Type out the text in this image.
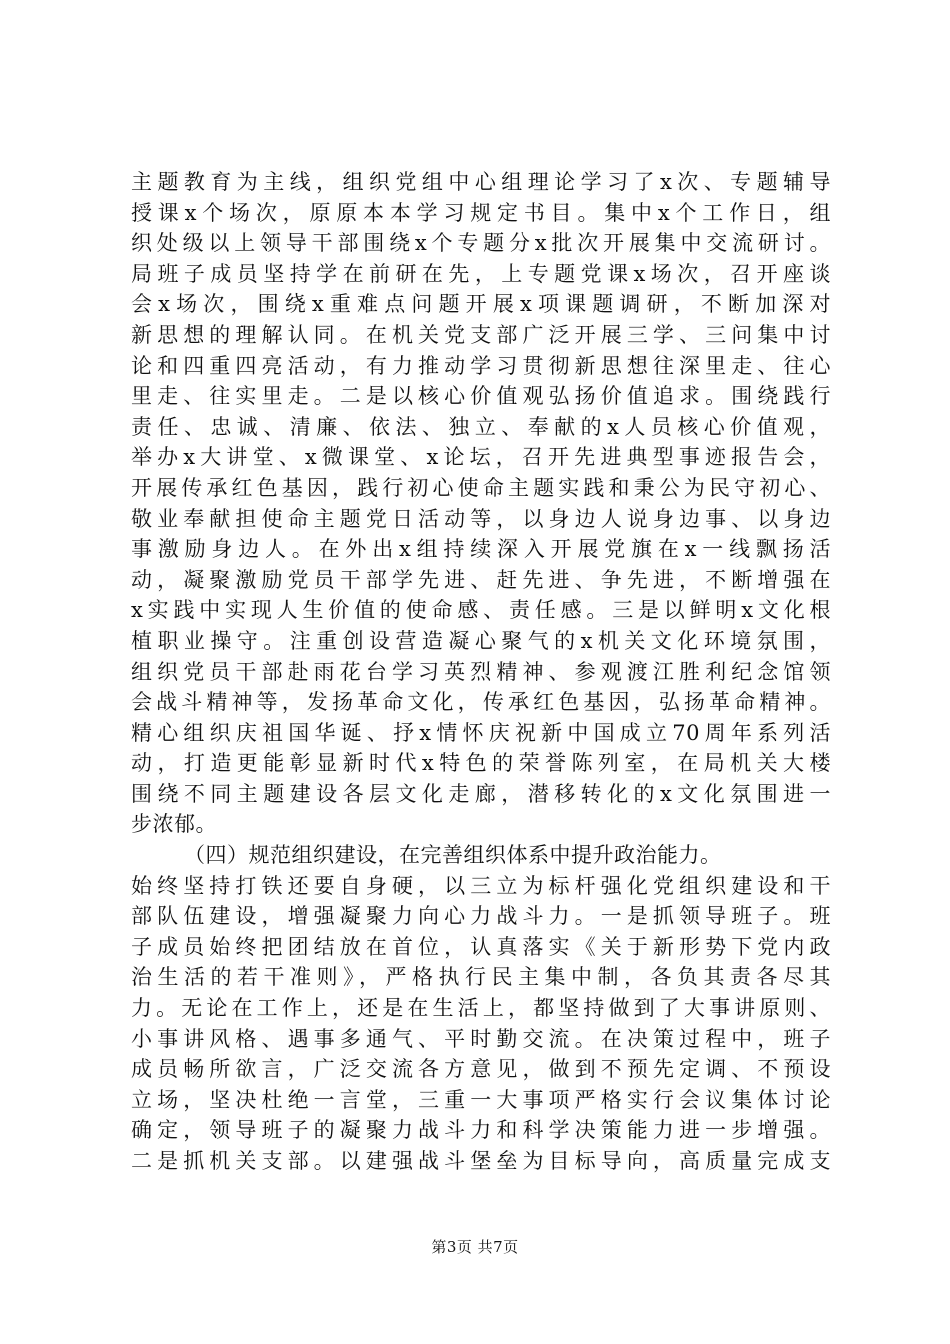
主题教育为主线，组织党组中心组理论学习了x次、专题辅导
授课x个场次，原原本本学习规定书目。集中x个工作日，组
织处级以上领导干部围绕x个专题分x批次开展集中交流研讨。
局班子成员坚持学在前研在先，上专题党课x场次，召开座谈
会x场次，围绕x重难点问题开展x项课题调研，不断加深对
新思想的理解认同。在机关党支部广泛开展三学、三问集中讨
论和四重四亮活动，有力推动学习贯彻新思想往深里走、往心
里走、往实里走。二是以核心价值观弘扬价值追求。围绕践行
责任、忠诚、清廉、依法、独立、奉献的x人员核心价值观，
举办x大讲堂、x微课堂、x论坛，召开先进典型事迹报告会，
开展传承红色基因，践行初心使命主题实践和秉公为民守初心、
敬业奉献担使命主题党日活动等，以身边人说身边事、以身边
事激励身边人。在外出x组持续深入开展党旗在x一线飘扬活
动，凝聚激励党员干部学先进、赶先进、争先进，不断增强在
x实践中实现人生价值的使命感、责任感。三是以鲜明x文化根
植职业操守。注重创设营造凝心聚气的x机关文化环境氛围，
组织党员干部赴雨花台学习英烈精神、参观渡江胜利纪念馆领
会战斗精神等，发扬革命文化，传承红色基因，弘扬革命精神。
精心组织庆祖国华诞、抒x情怀庆祝新中国成立70周年系列活
动，打造更能彰显新时代x特色的荣誉陈列室，在局机关大楼
围绕不同主题建设各层文化走廊，潜移转化的x文化氛围进一
步浓郁。
（四）规范组织建设，在完善组织体系中提升政治能力。
始终坚持打铁还要自身硬，以三立为标杆强化党组织建设和干
部队伍建设，增强凝聚力向心力战斗力。一是抓领导班子。班
子成员始终把团结放在首位，认真落实《关于新形势下党内政
治生活的若干准则》，严格执行民主集中制，各负其责各尽其
力。无论在工作上，还是在生活上，都坚持做到了大事讲原则、
小事讲风格、遇事多通气、平时勤交流。在决策过程中，班子
成员畅所欲言，广泛交流各方意见，做到不预先定调、不预设
立场，坚决杜绝一言堂，三重一大事项严格实行会议集体讨论
确定，领导班子的凝聚力战斗力和科学决策能力进一步增强。
二是抓机关支部。以建强战斗堡垒为目标导向，高质量完成支
第3页 共7页
